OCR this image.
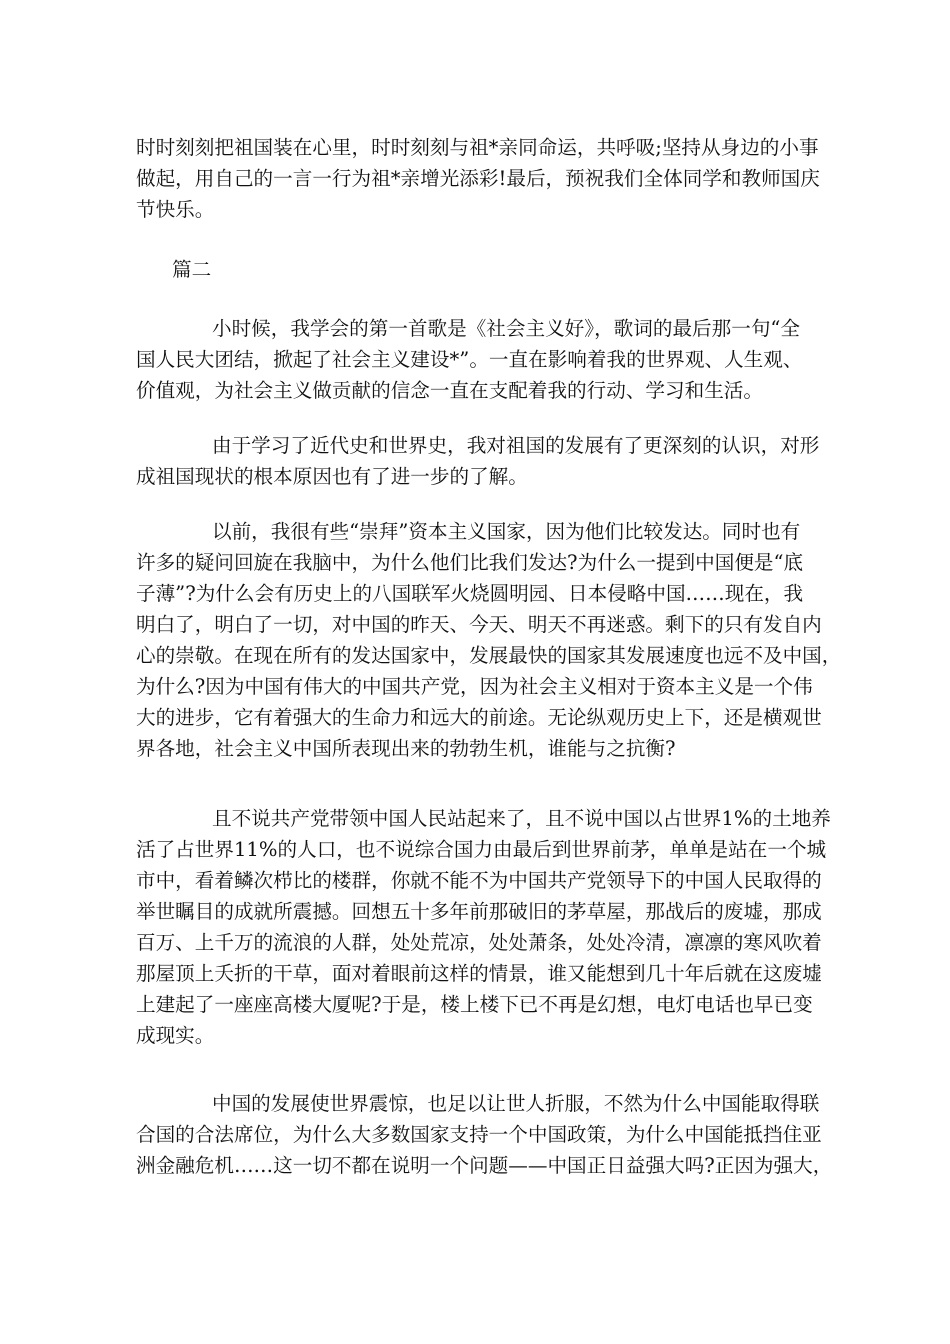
时时刻刻把祖国装在心里，时时刻刻与祖*亲同命运，共呼吸;坚持从身边的小事
做起，用自己的一言一行为祖*亲增光添彩!最后，预祝我们全体同学和教师国庆
节快乐。
篇二
小时候，我学会的第一首歌是《社会主义好》，歌词的最后那一句“全
国人民大团结，掀起了社会主义建设*”。一直在影响着我的世界观、人生观、
价值观，为社会主义做贡献的信念一直在支配着我的行动、学习和生活。
由于学习了近代史和世界史，我对祖国的发展有了更深刻的认识，对形
成祖国现状的根本原因也有了进一步的了解。
以前，我很有些“崇拜”资本主义国家，因为他们比较发达。同时也有
许多的疑问回旋在我脑中，为什么他们比我们发达?为什么一提到中国便是“底
子薄”?为什么会有历史上的八国联军火烧圆明园、日本侵略中国……现在，我
明白了，明白了一切，对中国的昨天、今天、明天不再迷惑。剩下的只有发自内
心的崇敬。在现在所有的发达国家中，发展最快的国家其发展速度也远不及中国，
为什么?因为中国有伟大的中国共产党，因为社会主义相对于资本主义是一个伟
大的进步，它有着强大的生命力和远大的前途。无论纵观历史上下，还是横观世
界各地，社会主义中国所表现出来的勃勃生机，谁能与之抗衡?
且不说共产党带领中国人民站起来了，且不说中国以占世界1%的土地养
活了占世界11%的人口，也不说综合国力由最后到世界前茅，单单是站在一个城
市中，看着鳞次栉比的楼群，你就不能不为中国共产党领导下的中国人民取得的
举世瞩目的成就所震撼。回想五十多年前那破旧的茅草屋，那战后的废墟，那成
百万、上千万的流浪的人群，处处荒凉，处处萧条，处处冷清，凛凛的寒风吹着
那屋顶上夭折的干草，面对着眼前这样的情景，谁又能想到几十年后就在这废墟
上建起了一座座高楼大厦呢?于是，楼上楼下已不再是幻想，电灯电话也早已变
成现实。
中国的发展使世界震惊，也足以让世人折服，不然为什么中国能取得联
合国的合法席位，为什么大多数国家支持一个中国政策，为什么中国能抵挡住亚
洲金融危机……这一切不都在说明一个问题——中国正日益强大吗?正因为强大，
